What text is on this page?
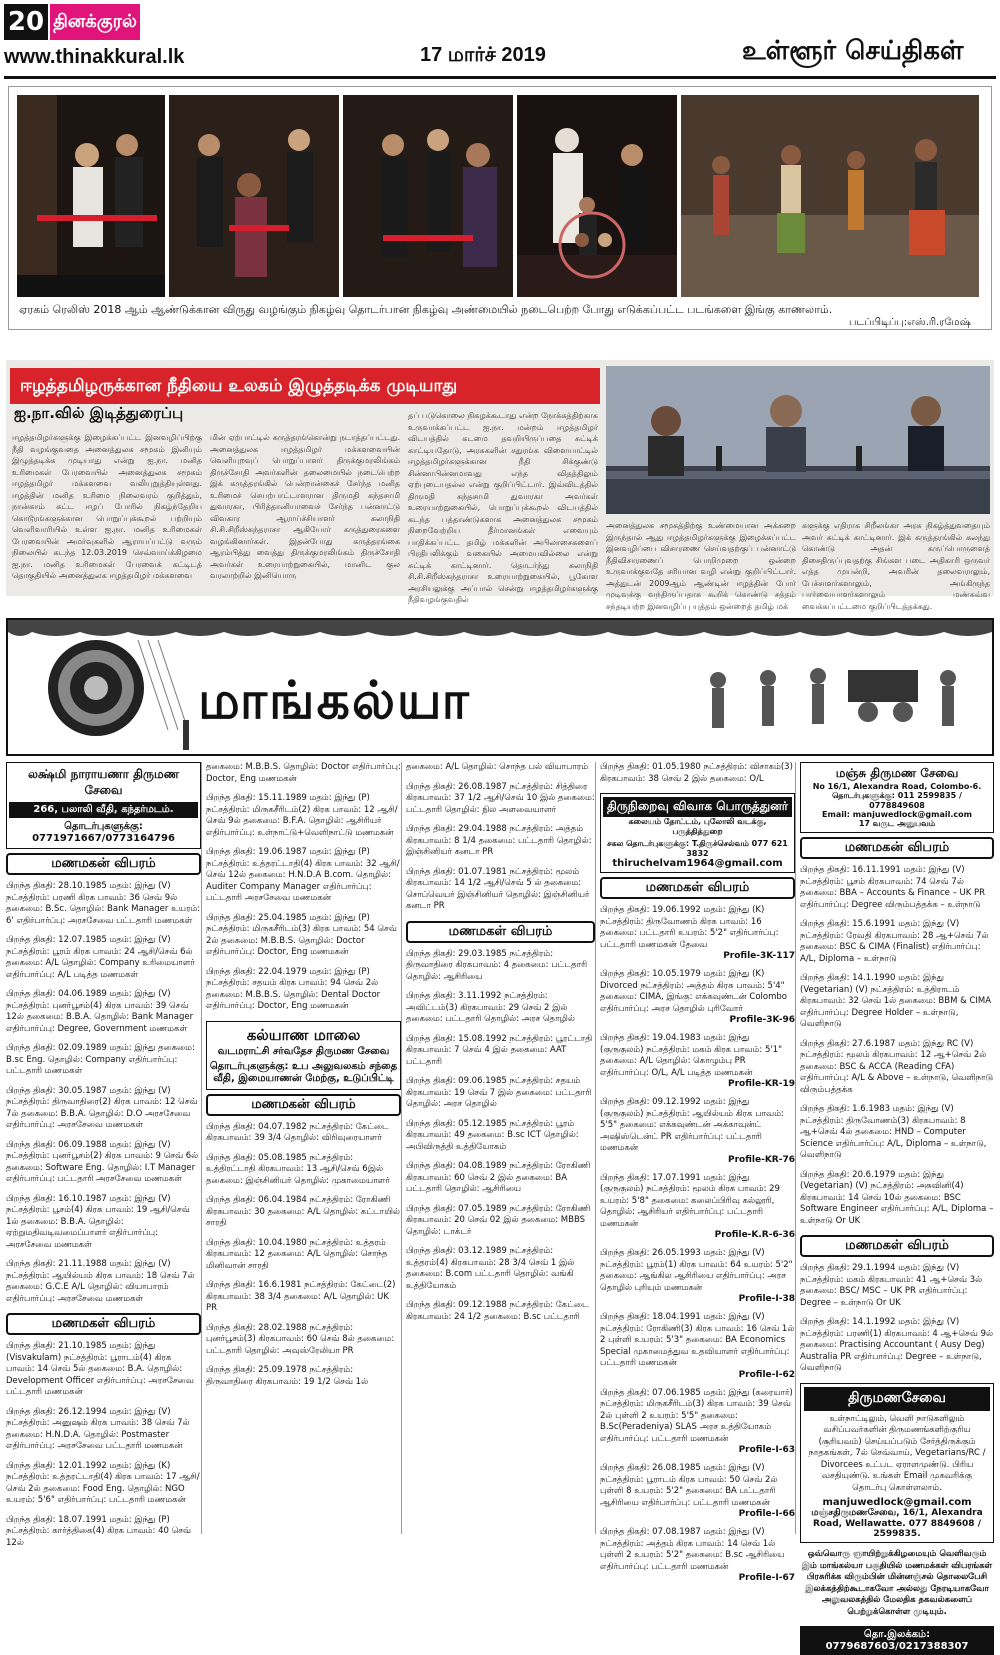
20 தினக்குரல்
www.thinakkural.lk	17 மார்ச் 2019	உள்ளூர் செய்திகள்
ஏரகம் ரெலிஸ் 2018 ஆம் ஆண்டுக்கான விருது வழங்கும் நிகழ்வு தொடர்பான நிகழ்வு அண்மையில் நடைபெற்ற போது எடுக்கப்பட்ட படங்களை இங்கு காணலாம்.
படப்பிடிப்பு:எஸ்.ரி.ரமேஷ்
ஈழத்தமிழருக்கான நீதியை உலகம் இழுத்தடிக்க முடியாது
ஐ.நா.வில் இடித்துரைப்பு
ஈழத்தமிழர்களுக்கு இழைக்கப்பட்ட இனவழிப்பிற்கு நீதி வழங்குவதை அனைத்துலக சமூகம் இனியும் இழுத்தடிக்க முடியாது என்று ஐ.நா. மனித உரிமைகள் பேரவையில் அனைத்துலக சமூகம் ஈழத்தமிழர் மக்களவை வலியுறுத்தியுள்ளது. ஈழத்தின் மனித உரிமை நிலைவரம் குறித்தும், நான்காம் கட்ட ஈழப் போரில் நிகழ்ந்தேறிய கொடூரங்களுக்கான பொறுப்புக்கூறல் பற்றியும் வெளிவாரியில் உள்ள ஐ.நா. மனித உரிமைகள் பேரவையின் அமர்வுகளில் ஆராயப்பட்டு வரும் நிலையில் கடந்த 12.03.2019 செவ்வாய்க்கிழமை ஐ.நா. மனித உரிமைகள் பேரவைக் கட்டிடத் தொகுதியில் அனைத்துலக ஈழத்தமிழர் மக்களவை
மின் ஏற்பாட்டில் கருத்தரங்கொன்று நடாத்தப்பட்டது. அனைத்துலக ஈழத்தமிழர் மக்களவையின் வெளியுறவுப் பொறுப்பாளர் திருக்குமரலிங்கம் திருச்சோதி அவர்களின் தலைமையில் நடைபெற்ற இக் கருத்தரங்கில் பென்றான்கைச் சேர்ந்த மனித உரிமைச் செயற்பாட்டாளரான திருமதி கந்தசாமி துவாரகா, பிரித்தானியாவைச் சேர்ந்த பன்னாட்டு விவகார ஆராய்ச்சியாளர் கலாநிதி சி.சி.சிறீஸ்கந்தராசா ஆகியோர் கருத்துரைகளை வழங்கினார்கள். இதன்போது கருத்தரங்கை ஆரம்பித்து வைத்து திருக்குமரலிங்கம் திருச்சோதி அவர்கள் உரையாற்றுகையில், மானிட குல வரலாற்றில் இனியொரு
தப் படுகொலை நிகழக்கூடாது என்ற நோக்கத்திற்காக உருவாக்கப்பட்ட ஐ.நா. மன்றம் ஈழத்தமிழர் விடயத்தில் கடமை தவறியிருப்பதை சுட்டிக் காட்டியதோடு, அரசுகளின் சதுரங்க விளையாட்டில் ஈழத்தமிழர்களுக்கான நீதி சிக்குண்டு சின்னாபின்னமாவது எந்த விதத்திலும் ஏற்புடையதல்ல என்று குறிப்பிட்டார். இவ்விடத்தில் திருமதி கந்தசாமி துவாரகா அவர்கள் உரையாற்றுகையில், பொறுப்புக்கூறல் விடயத்தில் கடந்த பத்தாண்டுகளாக அனைத்துலக சமூகம் நிறைவேற்றிய தீர்மானங்கள் எவையும் பாதிக்கப்பட்ட தமிழ் மக்களின் அபிலாசைகளைப் பிரதிபலிக்கும் வகையில் அமையவில்லை என்று சுட்டிக் காட்டினார். தொடர்ந்து கலாநிதி சி.சி.சிறீஸ்கந்தராசா உரையாற்றுகையில், பூகோள அரசியலுக்கு அப்பால் சென்று ஈழத்தமிழர்களுக்கு நீதிவழங்குவதில்
அனைத்துலக சமூகத்திற்கு உண்மையான அக்கறை இருந்தால் ஆது ஈழத்தமிழர்களுக்கு இழைக்கப்பட்ட இனவழிப்பை விசாரணை செய்வதற்குப் பன்னாட்டு நீதிவிசாரணைப் பொறிமுறை ஒன்றை உருவாக்குவதே சரியான வழி என்று குறிப்பிட்டார். அத்துடன் 2009ஆம் ஆண்டின் ஈழத்தின் போர் முடிவுக்கு வந்திருப்பதாக கூறிக் கொண்டு சத்தம் சந்தடியற்ற இனவழிப்பு யுத்தம் ஒன்றைத் தமிழ் மக்
களுக்கு எதிராக சிறீலங்கா அரசு நிகழ்த்துவதையும் அவர் சுட்டிக் காட்டினார். இக் கருத்தரங்கில் கலந்து கொண்டு அதன் கருப்பொருளைத் திசைதிருப்புவதற்கு சிங்கள படை அதிகாரி ஒருவர் எத்த முயன்றி, அவரின் தலைவராலும், பேச்சாளர்களாலும், அங்கிருந்த பார்வையாளர்களாலும் மண்கவ்வ வைக்கப்பட்டமை குறிப்பிடத்தக்கது.
மாங்கல்யா
லக்ஷ்மி நாராயணா திருமண சேவை
266, பலாலி வீதி, கந்தர்மடம்.
தொடர்புகளுக்கு: 0771971667/0773164796
மணமகன் விபரம்
பிறந்த திகதி: 28.10.1985 மதம்: இந்து (V) நட்சத்திரம்: பரணி கிரக பாவம்: 36 செவ் 9ல் தகைமை: B.Sc. தொழில்: Bank Manager உயரம்: 6' எதிர்பார்ப்பு: அரசசேவை பட்டதாரி மணமகள்
பிறந்த திகதி: 12.07.1985 மதம்: இந்து (V) நட்சத்திரம்: பூரம் கிரக பாவம்: 24 ஆசி/செவ் 6ல் தகைமை: A/L தொழில்: Company உரிமையாளர் எதிர்பார்ப்பு: A/L படித்த மணமகள்
பிறந்த திகதி: 04.06.1989 மதம்: இந்து (V) நட்சத்திரம்: புனர்பூசம்(4) கிரக பாவம்: 39 செவ் 12ல் தகைமை: B.B.A. தொழில்: Bank Manager எதிர்பார்ப்பு: Degree, Government மணமகள்
பிறந்த திகதி: 02.09.1989 மதம்: இந்து தகைமை: B.sc Eng. தொழில்: Company எதிர்பார்ப்பு: பட்டதாரி மணமகள்
பிறந்த திகதி: 30.05.1987 மதம்: இந்து (V) நட்சத்திரம்: திருவாதிரை(2) கிரக பாவம்: 12 செவ் 7ல் தகைமை: B.B.A. தொழில்: D.O அரசசேவை எதிர்பார்ப்பு: அரசசேவை மணமகள்
பிறந்த திகதி: 06.09.1988 மதம்: இந்து (V) நட்சத்திரம்: புனர்பூசம்(2) கிரக பாவம்: 9 செவ் 6ல் தகைமை: Software Eng. தொழில்: I.T Manager எதிர்பார்ப்பு: பட்டதாரி அரசசேவை மணமகள்
பிறந்த திகதி: 16.10.1987 மதம்: இந்து (V) நட்சத்திரம்: பூசம்(4) கிரக பாவம்: 19 ஆசி/செவ் 1ல் தகைமை: B.B.A. தொழில்: ஏற்றுமதிவடிவமைப்பாளர் எதிர்பார்ப்பு: அரசசேவை மணமகள்
பிறந்த திகதி: 21.11.1988 மதம்: இந்து (V) நட்சத்திரம்: ஆயில்யம் கிரக பாவம்: 18 செவ் 7ல் தகைமை: G.C.E A/L தொழில்: வியாபாரம் எதிர்பார்ப்பு: அரசசேவை மணமகள்
மணமகள் விபரம்
பிறந்த திகதி: 21.10.1985 மதம்: இந்து (Visvakulam) நட்சத்திரம்: பூராடம்(4) கிரக பாவம்: 14 செவ் 5ல் தகைமை: B.A. தொழில்: Development Officer எதிர்பார்ப்பு: அரசசேவை பட்டதாரி மணமகன்
பிறந்த திகதி: 26.12.1994 மதம்: இந்து (V) நட்சத்திரம்: அனுஷம் கிரக பாவம்: 38 செவ் 7ல் தகைமை: H.N.D.A. தொழில்: Postmaster எதிர்பார்ப்பு: அரசசேவை பட்டதாரி மணமகன்
பிறந்த திகதி: 12.01.1992 மதம்: இந்து (K) நட்சத்திரம்: உத்தரட்டாதி(4) கிரக பாவம்: 17 ஆசி/செவ் 2ல் தகைமை: Food Eng. தொழில்: NGO உயரம்: 5'6" எதிர்பார்ப்பு: பட்டதாரி மணமகன்
பிறந்த திகதி: 18.07.1991 மதம்: இந்து (P) நட்சத்திரம்: கார்த்திகை(4) கிரக பாவம்: 40 செவ் 12ல்
தகைமை: M.B.B.S. தொழில்: Doctor எதிர்பார்ப்பு: Doctor, Eng மணமகன்
பிறந்த திகதி: 15.11.1989 மதம்: இந்து (P) நட்சத்திரம்: மிருகசீரிடம்(2) கிரக பாவம்: 12 ஆசி/செவ் 9ல் தகைமை: B.F.A. தொழில்: ஆசிரியர் எதிர்பார்ப்பு: உள்நாட்டு+வெளிநாட்டு மணமகன்
பிறந்த திகதி: 19.06.1987 மதம்: இந்து (P) நட்சத்திரம்: உத்தரட்டாதி(4) கிரக பாவம்: 32 ஆசி/செவ் 12ல் தகைமை: H.N.D.A B.com. தொழில்: Auditer Company Manager எதிர்பார்ப்பு: பட்டதாரி அரசசேவை மணமகன்
பிறந்த திகதி: 25.04.1985 மதம்: இந்து (P) நட்சத்திரம்: மிருகசீரிடம்(3) கிரக பாவம்: 54 செவ் 2ல் தகைமை: M.B.B.S. தொழில்: Doctor எதிர்பார்ப்பு: Doctor, Eng மணமகன்
பிறந்த திகதி: 22.04.1979 மதம்: இந்து (P) நட்சத்திரம்: சதயம் கிரக பாவம்: 94 செவ் 2ல் தகைமை: M.B.B.S. தொழில்: Dental Doctor எதிர்பார்ப்பு: Doctor, Eng மணமகன்
கல்யாண மாலை
வடமராட்சி சர்வதேச திருமண சேவை
தொடர்புகளுக்கு: உப அலுவலகம் சந்தை வீதி, இமையாணன் மேற்கு, உடுப்பிட்டி
மணமகன் விபரம்
பிறந்த திகதி: 04.07.1982 நட்சத்திரம்: கேட்டை கிரகபாவம்: 39 3/4 தொழில்: விரிவுரையாளர்
பிறந்த திகதி: 05.08.1985 நட்சத்திரம்: உத்திரட்டாதி கிரகபாவம்: 13 ஆசி/செவ் 6இல் தகைமை: இஞ்சினியர் தொழில்: முகாமையாளர்
பிறந்த திகதி: 06.04.1984 நட்சத்திரம்: ரோகிணி கிரகபாவம்: 30 தகைமை: A/L தொழில்: கட்டாயில் சாரதி
பிறந்த திகதி: 10.04.1980 நட்சத்திரம்: உத்தரம் கிரகபாவம்: 12 தகைமை: A/L தொழில்: சொந்த மினிவான் சாரதி
பிறந்த திகதி: 16.6.1981 நட்சத்திரம்: கேட்டை(2) கிரகபாவம்: 38 3/4 தகைமை: A/L தொழில்: UK PR
பிறந்த திகதி: 28.02.1988 நட்சத்திரம்: புனர்பூசம்(3) கிரகபாவம்: 60 செவ் 8ல் தகைமை: பட்டதாரி தொழில்: அவுஸ்ரேலியா PR
பிறந்த திகதி: 25.09.1978 நட்சத்திரம்: திருவாதிரை கிரகபாவம்: 19 1/2 செவ் 1ல்
தகைமை: A/L தொழில்: சொந்த பல் வியாபாரம்
பிறந்த திகதி: 26.08.1987 நட்சத்திரம்: சித்திரை கிரகபாவம்: 37 1/2 ஆசி/செவ் 10 இல் தகைமை: பட்டதாரி தொழில்: நில அளவையாளர்
பிறந்த திகதி: 29.04.1988 நட்சத்திரம்: அத்தம் கிரகபாவம்: 8 1/4 தகைமை: பட்டதாரி தொழில்: இஞ்சினியர் கனடா PR
பிறந்த திகதி: 01.07.1981 நட்சத்திரம்: மூலம் கிரகபாவம்: 14 1/2 ஆசி/செவ் 5 ல் தகைமை: சொப்வெயர் இஞ்சினியர் தொழில்: இஞ்சினியர் கனடா PR
மணமகள் விபரம்
பிறந்த திகதி: 29.03.1985 நட்சத்திரம்: திருவாதிரை கிரகபாவம்: 4 தகைமை: பட்டதாரி தொழில்: ஆசிரியை
பிறந்த திகதி: 3.11.1992 நட்சத்திரம்: அவிட்டம்(3) கிரகபாவம்: 29 செவ் 2 இல் தகைமை: பட்டதாரி தொழில்: அரச தொழில்
பிறந்த திகதி: 15.08.1992 நட்சத்திரம்: பூரட்டாதி கிரகபாவம்: 7 செவ் 4 இல் தகைமை: AAT பட்டதாரி
பிறந்த திகதி: 09.06.1985 நட்சத்திரம்: சதயம் கிரகபாவம்: 19 செவ் 7 இல் தகைமை: பட்டதாரி தொழில்: அரச தொழில்
பிறந்த திகதி: 05.12.1985 நட்சத்திரம்: பூரம் கிரகபாவம்: 49 தகைமை: B.sc ICT தொழில்: அபிவிருத்தி உத்தியோகம்
பிறந்த திகதி: 04.08.1989 நட்சத்திரம்: ரோகிணி கிரகபாவம்: 60 செவ் 2 இல் தகைமை: BA பட்டதாரி தொழில்: ஆசிரியை
பிறந்த திகதி: 07.05.1989 நட்சத்திரம்: ரோகிணி கிரகபாவம்: 20 செவ் 02 இல் தகைமை: MBBS தொழில்: டாக்டர்
பிறந்த திகதி: 03.12.1989 நட்சத்திரம்: உத்தரம்(4) கிரகபாவம்: 28 3/4 செவ் 1 இல் தகைமை: B.com பட்டதாரி தொழில்: வங்கி உத்தியோகம்
பிறந்த திகதி: 09.12.1988 நட்சத்திரம்: கேட்டை கிரகபாவம்: 24 1/2 தகைமை: B.sc பட்டதாரி
பிறந்த திகதி: 01.05.1980 நட்சத்திரம்: விசாகம்(3) கிரகபாவம்: 38 செவ் 2 இல் தகைமை: O/L
திருநிறைவு விவாக பொருத்துனர்
கலையம் தோட்டம், புலோலி வடக்கு, பருத்தித்துறை
சகல தொடர்புகளுக்கு: T.திருச்செல்வம் 077 621 3832
thiruchelvam1964@gmail.com
மணமகள் விபரம்
பிறந்த திகதி: 19.06.1992 மதம்: இந்து (K) நட்சத்திரம்: திருவோணம் கிரக பாவம்: 16 தகைமை: பட்டதாரி உயரம்: 5'2" எதிர்பார்ப்பு: பட்டதாரி மணமகன் தேவை
Profile-3K-117
பிறந்த திகதி: 10.05.1979 மதம்: இந்து (K) Divorced நட்சத்திரம்: அத்தம் கிரக பாவம்: 5'4" தகைமை: CIMA, இங்கு: எக்கவுண்டன் Colombo எதிர்பார்ப்பு: அரச தொழில் புரிவோர்
Profile-3K-96
பிறந்த திகதி: 19.04.1983 மதம்: இந்து (குருகுலம்) நட்சத்திரம்: மகம் கிரக பாவம்: 5'1" தகைமை: A/L தொழில்: கொழும்பு PR எதிர்பார்ப்பு: O/L, A/L படித்த மணமகன்
Profile-KR-19
பிறந்த திகதி: 09.12.1992 மதம்: இந்து (குருகுலம்) நட்சத்திரம்: ஆயில்யம் கிரக பாவம்: 5'5" தகைமை: எக்கவுண்டன் அக்காவுன்ட் அஷிஸ்டென்ட் PR எதிர்பார்ப்பு: பட்டதாரி மணமகன்
Profile-KR-76
பிறந்த திகதி: 17.07.1991 மதம்: இந்து (குருகுலம்) நட்சத்திரம்: மூலம் கிரக பாவம்: 29 உயரம்: 5'8" தகைமை: கலைப்பிரிவு கல்லூரி, தொழில்: ஆசிரியர் எதிர்பார்ப்பு: பட்டதாரி மணமகன்
Profile-K.R-6-36
பிறந்த திகதி: 26.05.1993 மதம்: இந்து (V) நட்சத்திரம்: பூரம்(1) கிரக பாவம்: 64 உயரம்: 5'2" தகைமை: ஆங்கில ஆசிரியை எதிர்பார்ப்பு: அரச தொழில் புரியும் மணமகன்
Profile-I-38
பிறந்த திகதி: 18.04.1991 மதம்: இந்து (V) நட்சத்திரம்: ரோகிணி(3) கிரக பாவம்: 16 செவ் 1ல் 2 புள்ளி உயரம்: 5'3" தகைமை: BA Economics Special முகாமைத்துவ உதவியாளர் எதிர்பார்ப்பு: பட்டதாரி மணமகன்
Profile-I-62
பிறந்த திகதி: 07.06.1985 மதம்: இந்து (கரையார்) நட்சத்திரம்: மிருகசீரிடம்(3) கிரக பாவம்: 39 செவ் 2ல் புள்ளி 2 உயரம்: 5'5" தகைமை: B.Sc(Peradeniya) SLAS அரச உத்தியோகம் எதிர்பார்ப்பு: பட்டதாரி மணமகன்
Profile-I-63
பிறந்த திகதி: 26.08.1985 மதம்: இந்து (V) நட்சத்திரம்: பூராடம் கிரக பாவம்: 50 செவ் 2ல் புள்ளி 8 உயரம்: 5'2" தகைமை: BA பட்டதாரி ஆசிரியை எதிர்பார்ப்பு: பட்டதாரி மணமகன்
Profile-I-66
பிறந்த திகதி: 07.08.1987 மதம்: இந்து (V) நட்சத்திரம்: அத்தம் கிரக பாவம்: 14 செவ் 1ல் புள்ளி 2 உயரம்: 5'2" தகைமை: B.sc ஆசிரியை எதிர்பார்ப்பு: பட்டதாரி மணமகன்
Profile-I-67
மஞ்சு திருமண சேவை
No 16/1, Alexandra Road, Colombo-6.
தொடர்புகளுக்கு: 011 2599835 / 0778849608
Email: manjuwedlock@gmail.com
17 வருட அனுபவம்
மணமகன் விபரம்
பிறந்த திகதி: 16.11.1991 மதம்: இந்து (V) நட்சத்திரம்: பூசம் கிரகபாவம்: 74 செவ் 7ல் தகைமை: BBA – Accounts & Finance – UK PR எதிர்பார்ப்பு: Degree விரும்பத்தக்க – உள்நாடு
பிறந்த திகதி: 15.6.1991 மதம்: இந்து (V) நட்சத்திரம்: ரேவதி கிரகபாவம்: 28 ஆ+செவ் 7ல் தகைமை: BSC & CIMA (Finalist) எதிர்பார்ப்பு: A/L, Diploma – உள்நாடு
பிறந்த திகதி: 14.1.1990 மதம்: இந்து (Vegetarian) (V) நட்சத்திரம்: உத்திராடம் கிரகபாவம்: 32 செவ் 1ல் தகைமை: BBM & CIMA எதிர்பார்ப்பு: Degree Holder – உள்நாடு, வெளிநாடு
பிறந்த திகதி: 27.6.1987 மதம்: இந்து RC (V) நட்சத்திரம்: மூலம் கிரகபாவம்: 12 ஆ+செவ் 2ல் தகைமை: BSC & ACCA (Reading CFA) எதிர்பார்ப்பு: A/L & Above – உள்நாடு, வெளிநாடு விரும்பத்தக்க
பிறந்த திகதி: 1.6.1983 மதம்: இந்து (V) நட்சத்திரம்: திருவோணம்(3) கிரகபாவம்: 8 ஆ+செவ் 4ல் தகைமை: HND – Computer Science எதிர்பார்ப்பு: A/L, Diploma – உள்நாடு, வெளிநாடு
பிறந்த திகதி: 20.6.1979 மதம்: இந்து (Vegetarian) (V) நட்சத்திரம்: அசுவினி(4) கிரகபாவம்: 14 செவ் 10ல் தகைமை: BSC Software Engineer எதிர்பார்ப்பு: A/L, Diploma – உள்நாடு Or UK
மணமகள் விபரம்
பிறந்த திகதி: 29.1.1994 மதம்: இந்து (V) நட்சத்திரம்: மகம் கிரகபாவம்: 41 ஆ+செவ் 3ல் தகைமை: BSC/ MSC – UK PR எதிர்பார்ப்பு: Degree – உள்நாடு Or UK
பிறந்த திகதி: 14.1.1992 மதம்: இந்து (V) நட்சத்திரம்: பரணி(1) கிரகபாவம்: 4 ஆ+செவ் 9ல் தகைமை: Practising Accountant ( Ausy Deg) Australia PR எதிர்பார்ப்பு: Degree – உள்நாடு, வெளிநாடு
திருமணசேவை
உள்நாட்டிலும், வெளி நாடுகளிலும் வசிப்பவர்களின் திருமணங்களிற்குரிய (சூரியவம்) செய்யப்படும் சேர்த்திருக்கும் நாதகங்கள், 7ல் செவ்வாய், Vegetarians/RC / Divorcees உட்பட ஏராளமுண்டு. பிரிய வசதியுண்டு. உங்கள் Email முகவரிக்கு தொடர்பு கொள்ளலாம்.
manjuwedlock@gmail.com
மஞ்சதிருமணசேவை, 16/1, Alexandra Road, Wellawatte. 077 8849608 / 2599835.
ஒவ்வொரு ஞாயிற்றுக்கிழமையும் வெளிவரும் இம் மாங்கல்யா பகுதியில் மணமக்கள் விபரங்கள் பிரசுரிக்க விரும்பின் மின்னஞ்சல் தொலைபேசி இலக்கத்திற்கூடாகவோ அல்லது நேரடியாகவோ அலுவலகத்தில் மேலதிக தகவல்களைப் பெற்றுக்கொள்ள முடியும்.
தொ.இலக்கம்: 0779687603/0217388307
